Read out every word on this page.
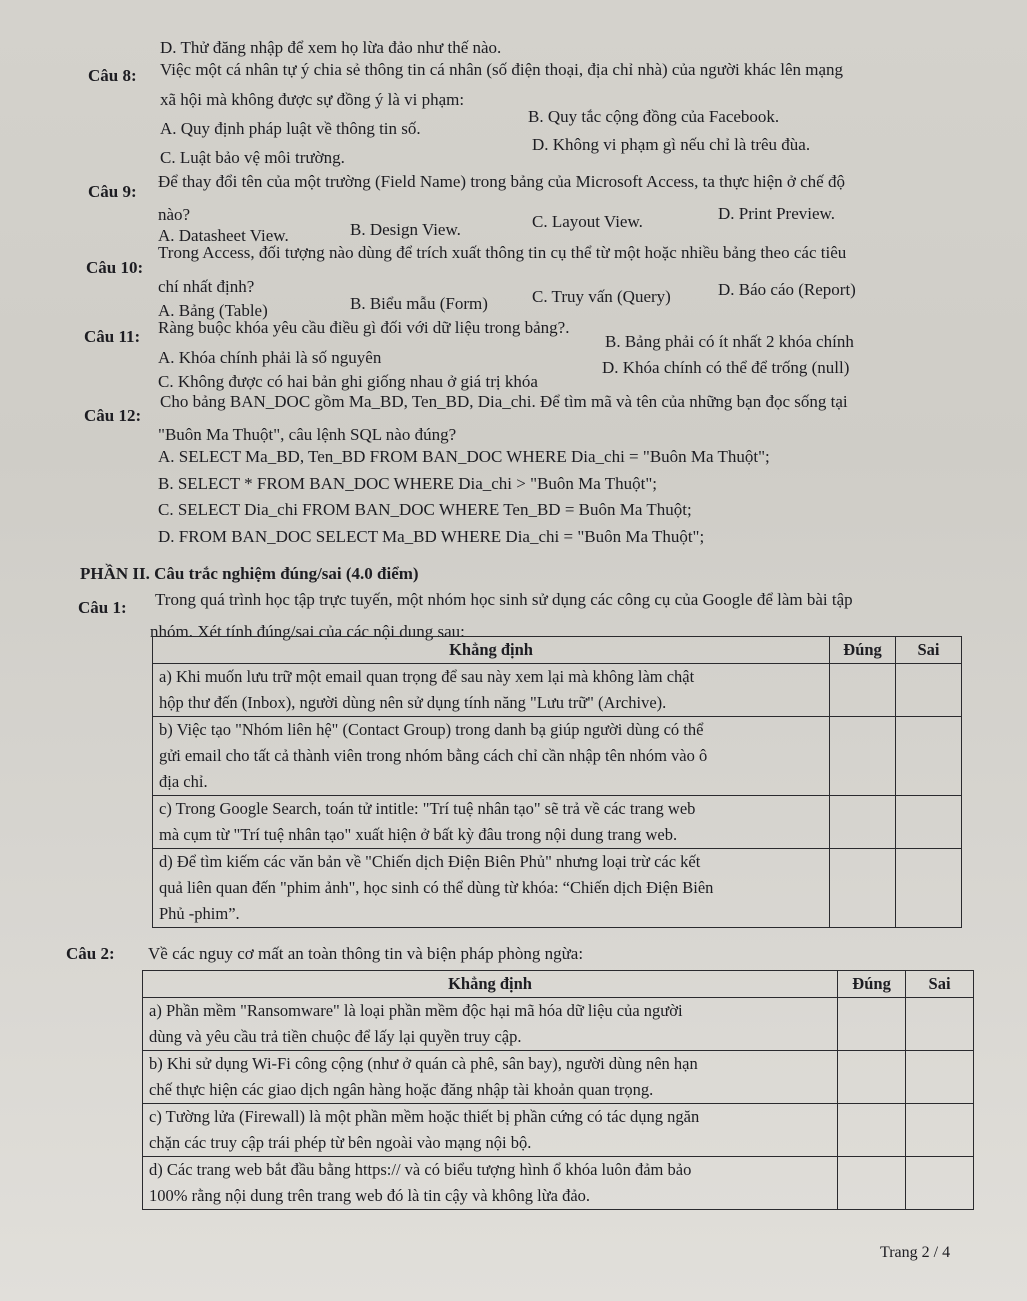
D. Thử đăng nhập để xem họ lừa đảo như thế nào.
Câu 8: Việc một cá nhân tự ý chia sẻ thông tin cá nhân (số điện thoại, địa chỉ nhà) của người khác lên mạng
xã hội mà không được sự đồng ý là vi phạm:
A. Quy định pháp luật về thông tin số.
B. Quy tắc cộng đồng của Facebook.
C. Luật bảo vệ môi trường.
D. Không vi phạm gì nếu chỉ là trêu đùa.
Câu 9:
Để thay đổi tên của một trường (Field Name) trong bảng của Microsoft Access, ta thực hiện ở chế độ
nào?
A. Datasheet View.	B. Design View.	C. Layout View.	D. Print Preview.
Câu 10:
Trong Access, đối tượng nào dùng để trích xuất thông tin cụ thể từ một hoặc nhiều bảng theo các tiêu
chí nhất định?
A. Bảng (Table)	B. Biểu mẫu (Form)	C. Truy vấn (Query)	D. Báo cáo (Report)
Câu 11: Ràng buộc khóa yêu cầu điều gì đối với dữ liệu trong bảng?.
A. Khóa chính phải là số nguyên
B. Bảng phải có ít nhất 2 khóa chính
C. Không được có hai bản ghi giống nhau ở giá trị khóa
D. Khóa chính có thể để trống (null)
Câu 12:
Cho bảng BAN_DOC gồm Ma_BD, Ten_BD, Dia_chi. Để tìm mã và tên của những bạn đọc sống tại
"Buôn Ma Thuột", câu lệnh SQL nào đúng?
A. SELECT Ma_BD, Ten_BD FROM BAN_DOC WHERE Dia_chi = "Buôn Ma Thuột";
B. SELECT * FROM BAN_DOC WHERE Dia_chi > "Buôn Ma Thuột";
C. SELECT Dia_chi FROM BAN_DOC WHERE Ten_BD = Buôn Ma Thuột;
D. FROM BAN_DOC SELECT Ma_BD WHERE Dia_chi = "Buôn Ma Thuột";
PHẦN II. Câu trắc nghiệm đúng/sai (4.0 điểm)
Câu 1: Trong quá trình học tập trực tuyến, một nhóm học sinh sử dụng các công cụ của Google để làm bài tập
nhóm. Xét tính đúng/sai của các nội dung sau:
Khẳng định	Đúng	Sai

a) Khi muốn lưu trữ một email quan trọng để sau này xem lại mà không làm chật
hộp thư đến (Inbox), người dùng nên sử dụng tính năng "Lưu trữ" (Archive).		

b) Việc tạo "Nhóm liên hệ" (Contact Group) trong danh bạ giúp người dùng có thể
gửi email cho tất cả thành viên trong nhóm bằng cách chỉ cần nhập tên nhóm vào ô
địa chỉ.		

c) Trong Google Search, toán tử intitle: "Trí tuệ nhân tạo" sẽ trả về các trang web
mà cụm từ "Trí tuệ nhân tạo" xuất hiện ở bất kỳ đâu trong nội dung trang web.		

d) Để tìm kiếm các văn bản về "Chiến dịch Điện Biên Phủ" nhưng loại trừ các kết
quả liên quan đến "phim ảnh", học sinh có thể dùng từ khóa: “Chiến dịch Điện Biên
Phủ -phim”.		

Câu 2: Về các nguy cơ mất an toàn thông tin và biện pháp phòng ngừa:
Khẳng định	Đúng	Sai

a) Phần mềm "Ransomware" là loại phần mềm độc hại mã hóa dữ liệu của người
dùng và yêu cầu trả tiền chuộc để lấy lại quyền truy cập.		

b) Khi sử dụng Wi-Fi công cộng (như ở quán cà phê, sân bay), người dùng nên hạn
chế thực hiện các giao dịch ngân hàng hoặc đăng nhập tài khoản quan trọng.		

c) Tường lửa (Firewall) là một phần mềm hoặc thiết bị phần cứng có tác dụng ngăn
chặn các truy cập trái phép từ bên ngoài vào mạng nội bộ.		

d) Các trang web bắt đầu bằng https:// và có biểu tượng hình ổ khóa luôn đảm bảo
100% rằng nội dung trên trang web đó là tin cậy và không lừa đảo.		

Trang 2 / 4
